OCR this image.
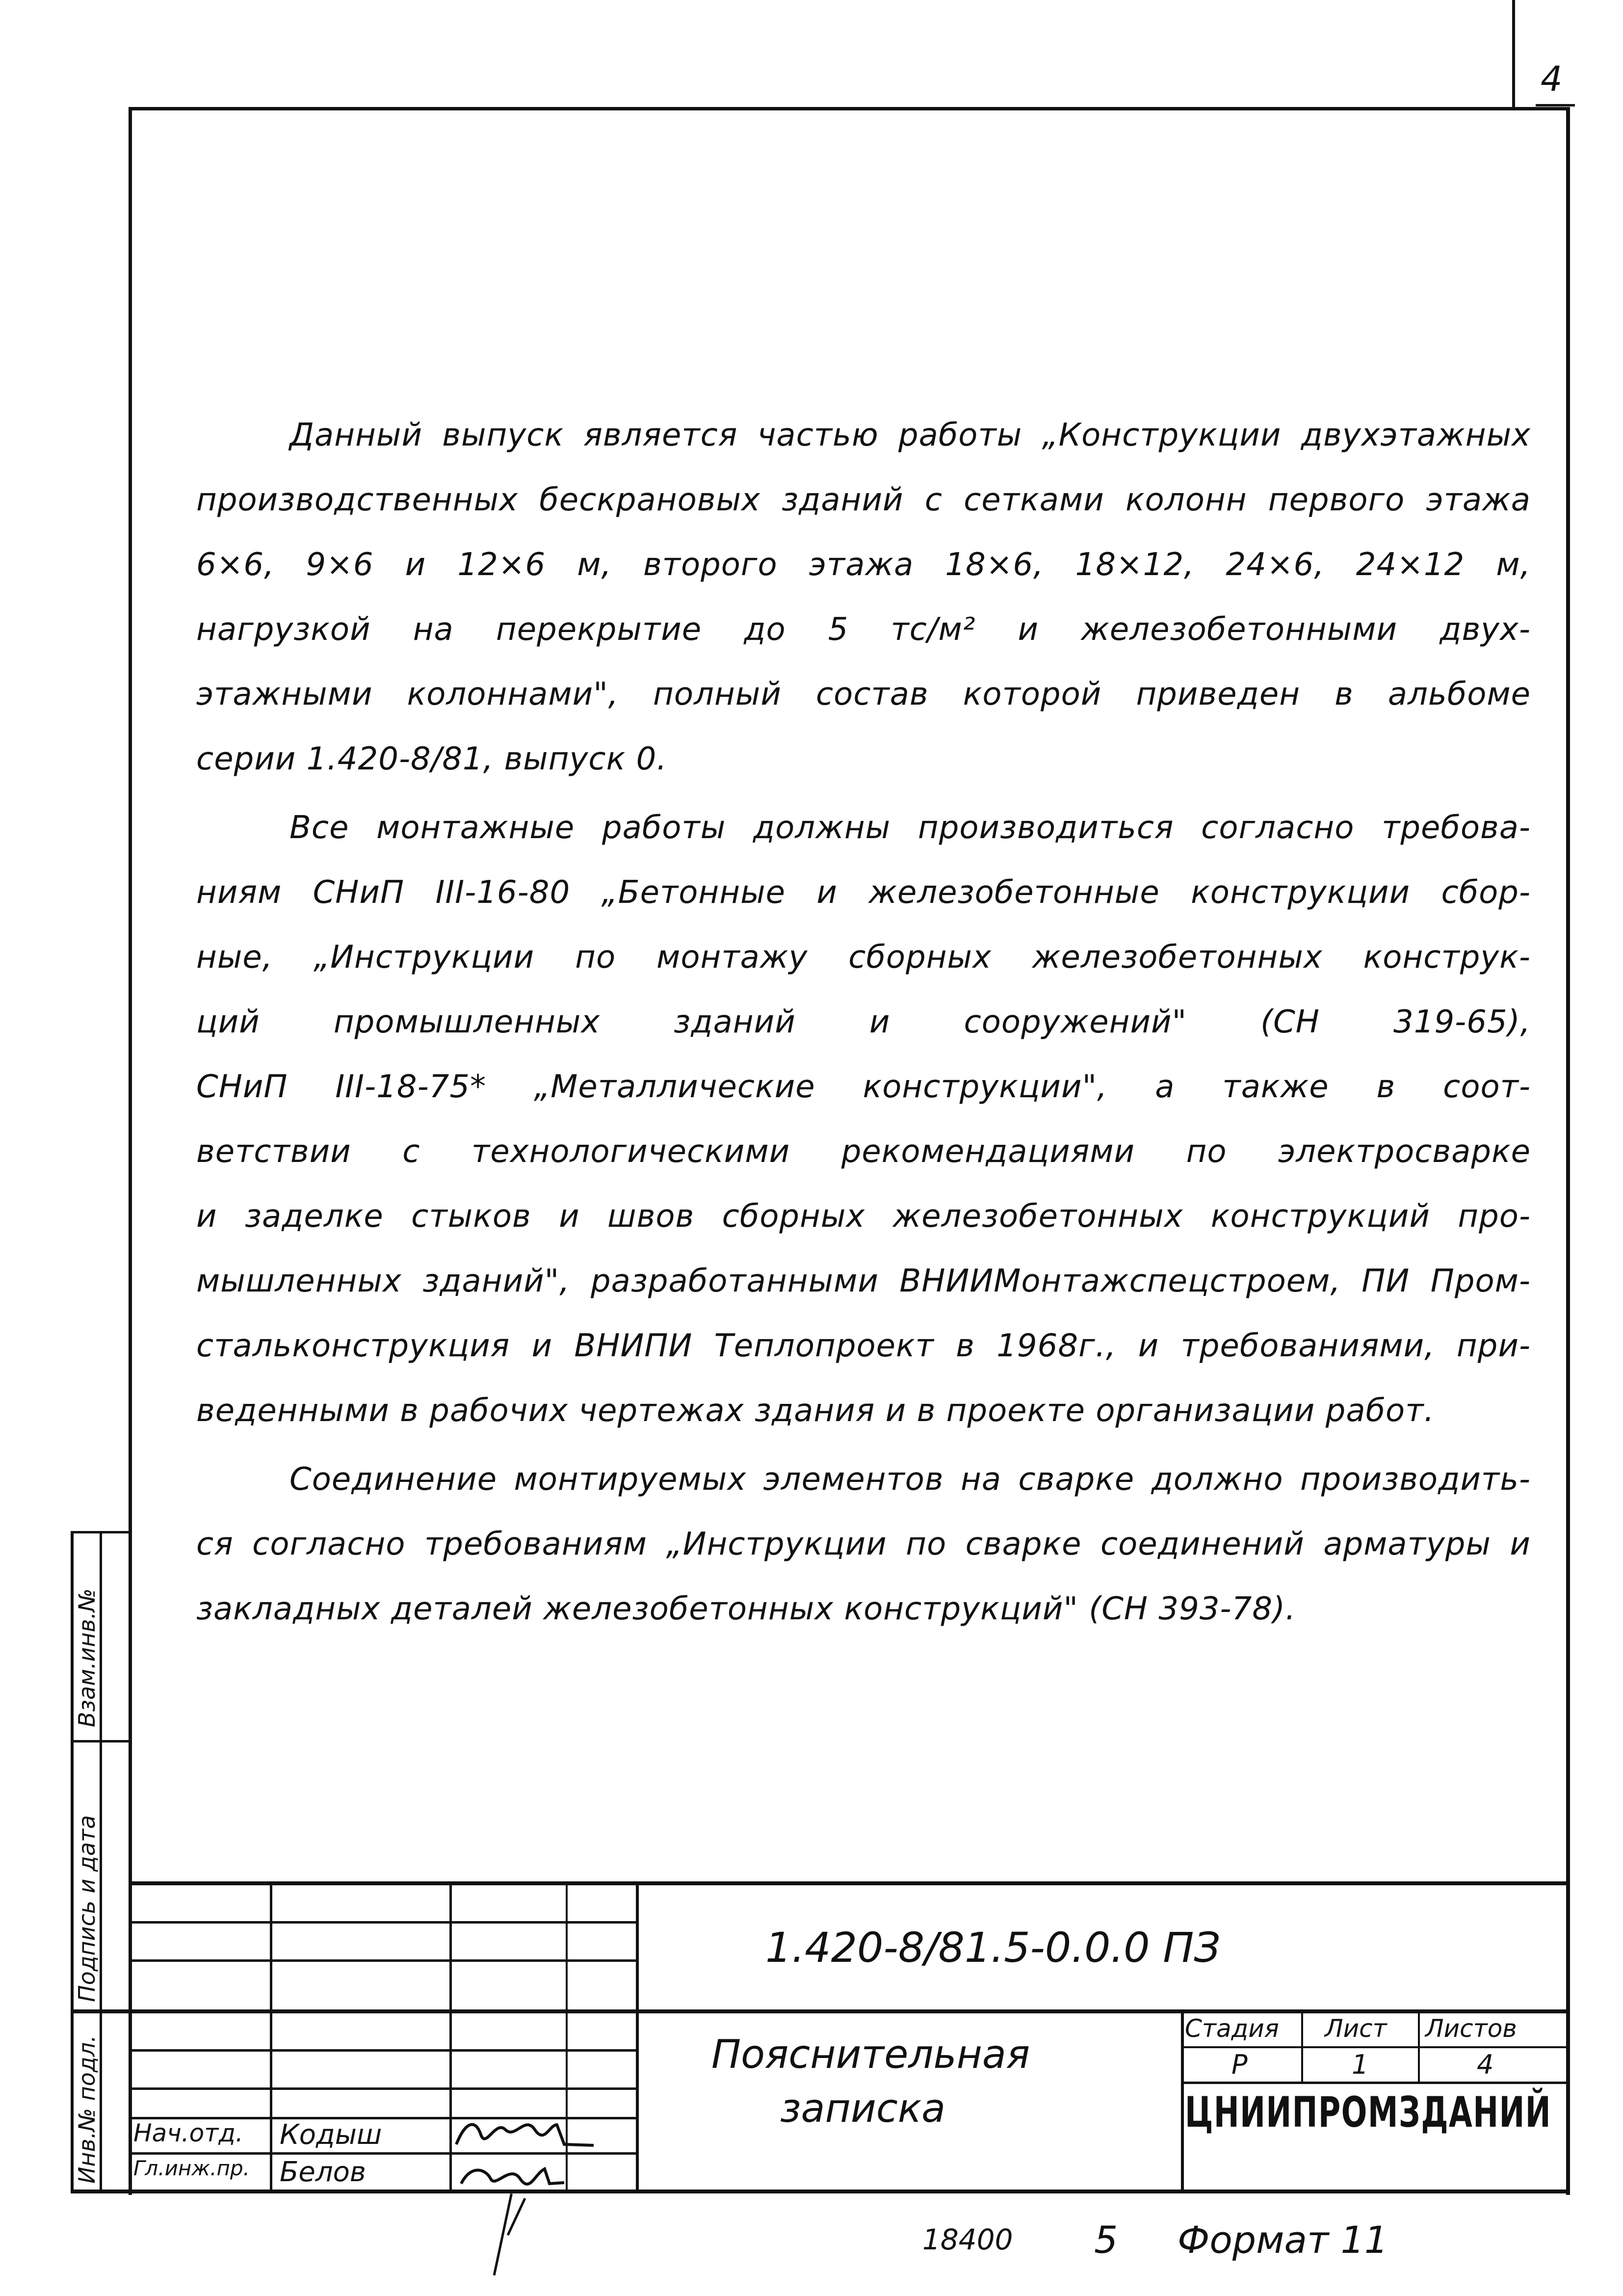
4
Данный выпуск является частью работы „Конструкции двухэтажных
производственных бескрановых зданий с сетками колонн первого этажа
6×6, 9×6 и 12×6 м, второго этажа 18×6, 18×12, 24×6, 24×12 м,
нагрузкой на перекрытие до 5 тс/м² и железобетонными двух-
этажными колоннами", полный состав которой приведен в альбоме
серии 1.420-8/81, выпуск 0.
Все монтажные работы должны производиться согласно требова-
ниям СНиП III-16-80 „Бетонные и железобетонные конструкции сбор-
ные, „Инструкции по монтажу сборных железобетонных конструк-
ций промышленных зданий и сооружений" (СН 319-65),
СНиП III-18-75* „Металлические конструкции", а также в соот-
ветствии с технологическими рекомендациями по электросварке
и заделке стыков и швов сборных железобетонных конструкций про-
мышленных зданий", разработанными ВНИИМонтажспецстроем, ПИ Пром-
стальконструкция и ВНИПИ Теплопроект в 1968г., и требованиями, при-
веденными в рабочих чертежах здания и в проекте организации работ.
Соединение монтируемых элементов на сварке должно производить-
ся согласно требованиям „Инструкции по сварке соединений арматуры и
закладных деталей железобетонных конструкций" (СН 393-78).
Взам.инв.№
Подпись и дата
Инв.№ подл.
1.420-8/81.5-0.0.0 ПЗ
Пояснительная
записка
Стадия Лист Листов
Р	1	4
ЦНИИПРОМЗДАНИЙ
Нач.отд. Кодыш
Гл.инж.пр. Белов
18400 5 Формат 11
